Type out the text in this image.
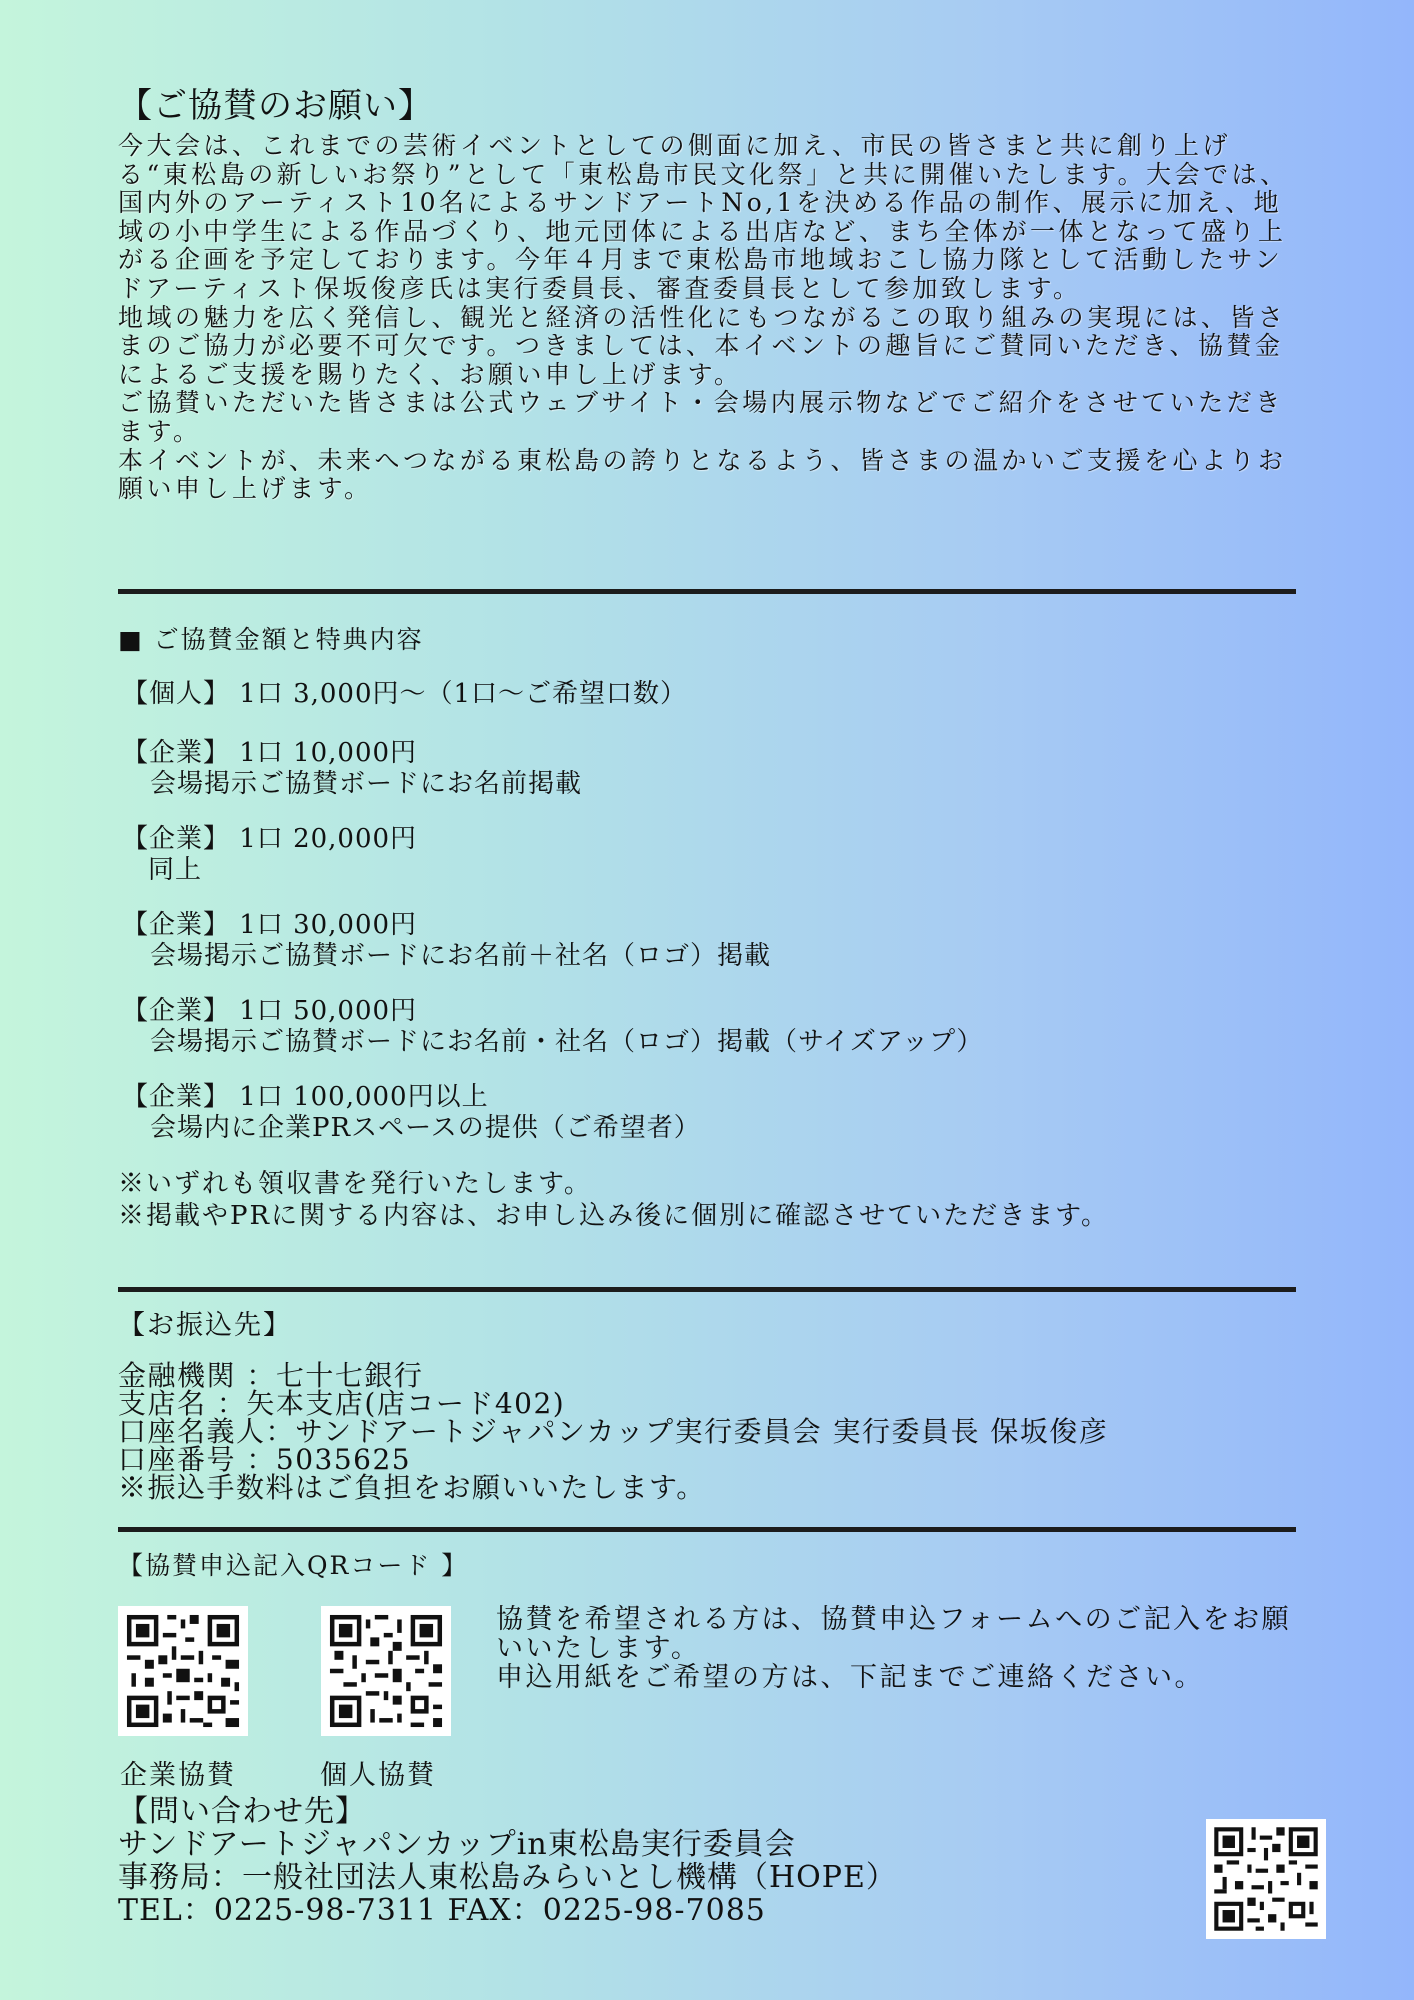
【ご協賛のお願い】

今大会は、これまでの芸術イベントとしての側面に加え、市民の皆さまと共に創り上げる“東松島の新しいお祭り”として「東松島市民文化祭」と共に開催いたします。大会では、国内外のアーティスト10名によるサンドアートNo,1を決める作品の制作、展示に加え、地域の小中学生による作品づくり、地元団体による出店など、まち全体が一体となって盛り上がる企画を予定しております。今年４月まで東松島市地域おこし協力隊として活動したサンドアーティスト保坂俊彦氏は実行委員長、審査委員長として参加致します。

地域の魅力を広く発信し、観光と経済の活性化にもつながるこの取り組みの実現には、皆さまのご協力が必要不可欠です。つきましては、本イベントの趣旨にご賛同いただき、協賛金によるご支援を賜りたく、お願い申し上げます。

ご協賛いただいた皆さまは公式ウェブサイト・会場内展示物などでご紹介をさせていただきます。

本イベントが、未来へつながる東松島の誇りとなるよう、皆さまの温かいご支援を心よりお願い申し上げます。

■ ご協賛金額と特典内容
【個人】 1口 3,000円～（1口～ご希望口数）
【企業】 1口 10,000円
会場掲示ご協賛ボードにお名前掲載
【企業】 1口 20,000円
同上
【企業】 1口 30,000円
会場掲示ご協賛ボードにお名前＋社名（ロゴ）掲載
【企業】 1口 50,000円
会場掲示ご協賛ボードにお名前・社名（ロゴ）掲載（サイズアップ）
【企業】 1口 100,000円以上
会場内に企業PRスペースの提供（ご希望者）
※いずれも領収書を発行いたします。
※掲載やPRに関する内容は、お申し込み後に個別に確認させていただきます。
【お振込先】
金融機関 ：七十七銀行
支店名 ：矢本支店(店コード402)
口座名義人：サンドアートジャパンカップ実行委員会 実行委員長 保坂俊彦
口座番号 ：5035625
※振込手数料はご負担をお願いいたします。
【協賛申込記入QRコード 】
企業協賛	個人協賛
協賛を希望される方は、協賛申込フォームへのご記入をお願いいたします。
申込用紙をご希望の方は、下記までご連絡ください。
【問い合わせ先】
サンドアートジャパンカップin東松島実行委員会
事務局：一般社団法人東松島みらいとし機構（HOPE）
TEL：0225-98-7311 FAX：0225-98-7085
